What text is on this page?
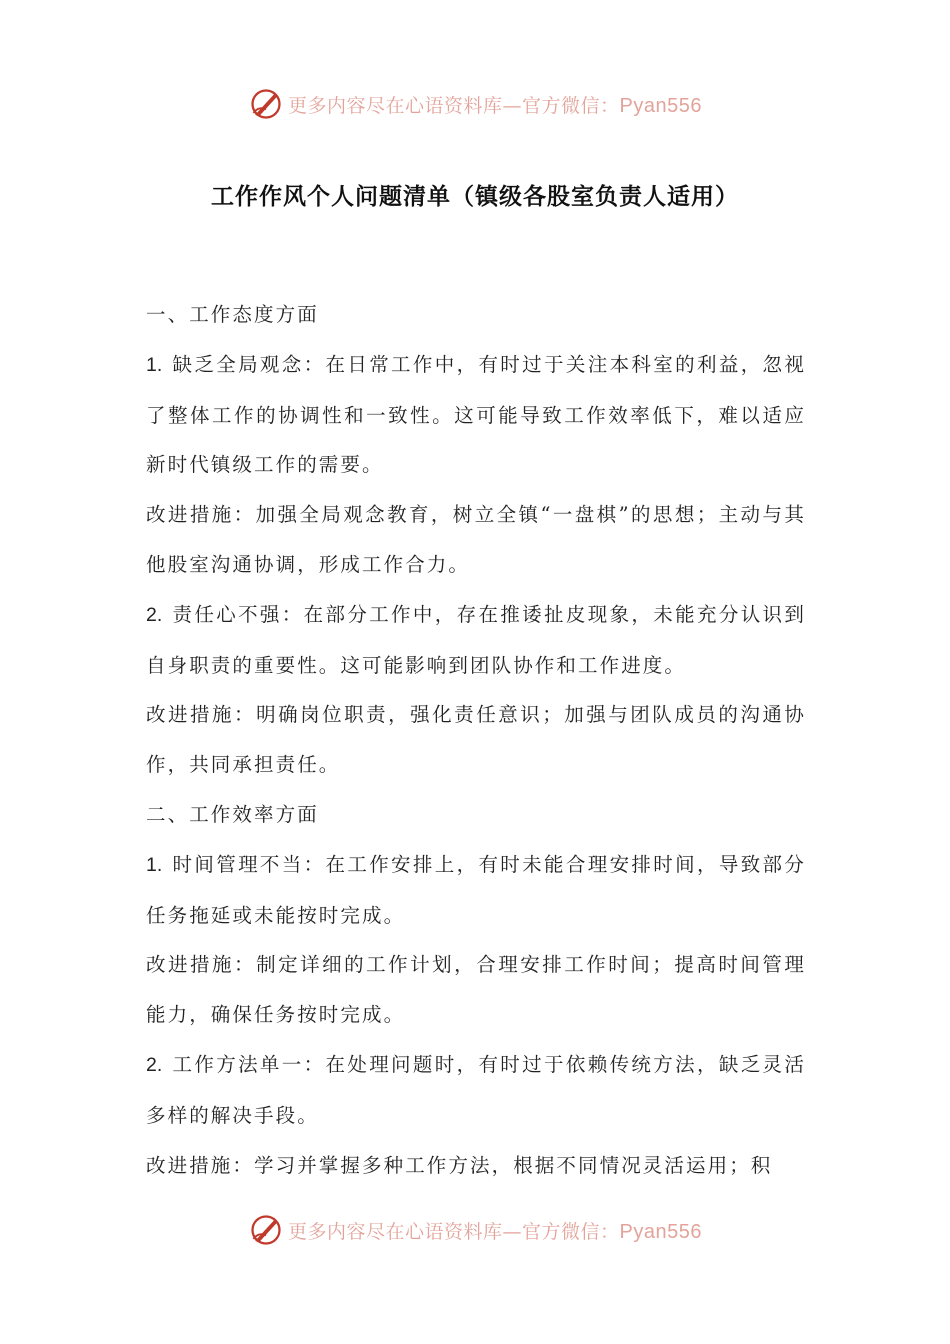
更多内容尽在心语资料库—官方微信：Pyan556
工作作风个人问题清单（镇级各股室负责人适用）

一、工作态度方面

1. 缺乏全局观念：在日常工作中，有时过于关注本科室的利益，忽视了整体工作的协调性和一致性。这可能导致工作效率低下，难以适应新时代镇级工作的需要。

改进措施：加强全局观念教育，树立全镇“一盘棋”的思想；主动与其他股室沟通协调，形成工作合力。

2. 责任心不强：在部分工作中，存在推诿扯皮现象，未能充分认识到自身职责的重要性。这可能影响到团队协作和工作进度。

改进措施：明确岗位职责，强化责任意识；加强与团队成员的沟通协作，共同承担责任。

二、工作效率方面

1. 时间管理不当：在工作安排上，有时未能合理安排时间，导致部分任务拖延或未能按时完成。

改进措施：制定详细的工作计划，合理安排工作时间；提高时间管理能力，确保任务按时完成。

2. 工作方法单一：在处理问题时，有时过于依赖传统方法，缺乏灵活多样的解决手段。

改进措施：学习并掌握多种工作方法，根据不同情况灵活运用；积

更多内容尽在心语资料库—官方微信：Pyan556
